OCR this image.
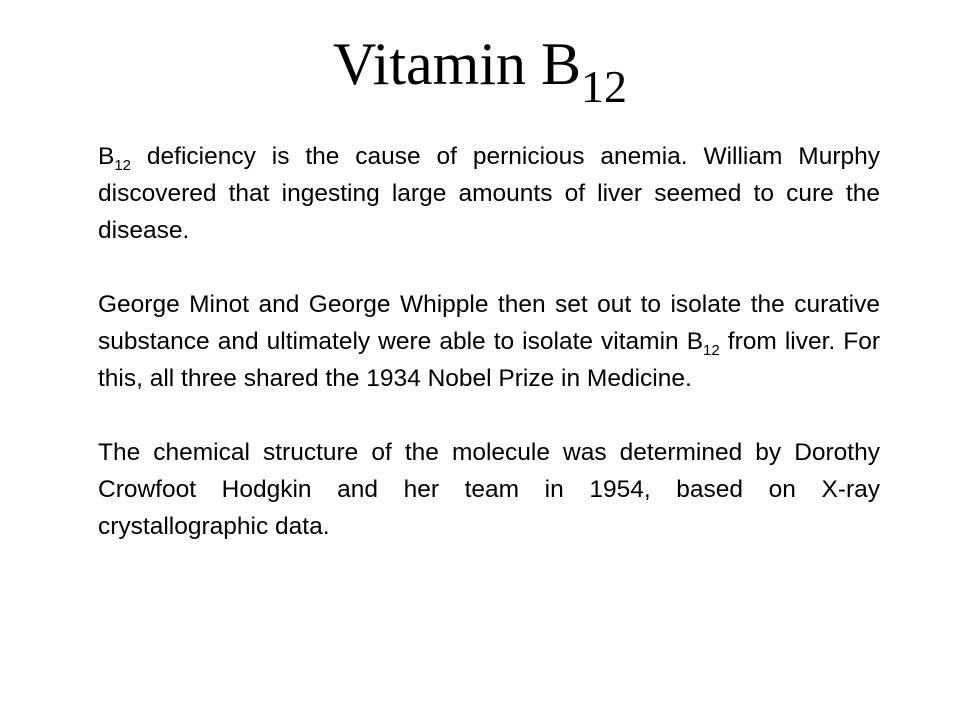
Vitamin $B_{12}$

$B_{12}$ deficiency is the cause of pernicious anemia. William Murphy discovered that ingesting large amounts of liver seemed to cure the disease.

George Minot and George Whipple then set out to isolate the curative substance and ultimately were able to isolate vitamin $B_{12}$ from liver. For this, all three shared the 1934 Nobel Prize in Medicine.

The chemical structure of the molecule was determined by Dorothy Crowfoot Hodgkin and her team in 1954, based on X-ray crystallographic data.
